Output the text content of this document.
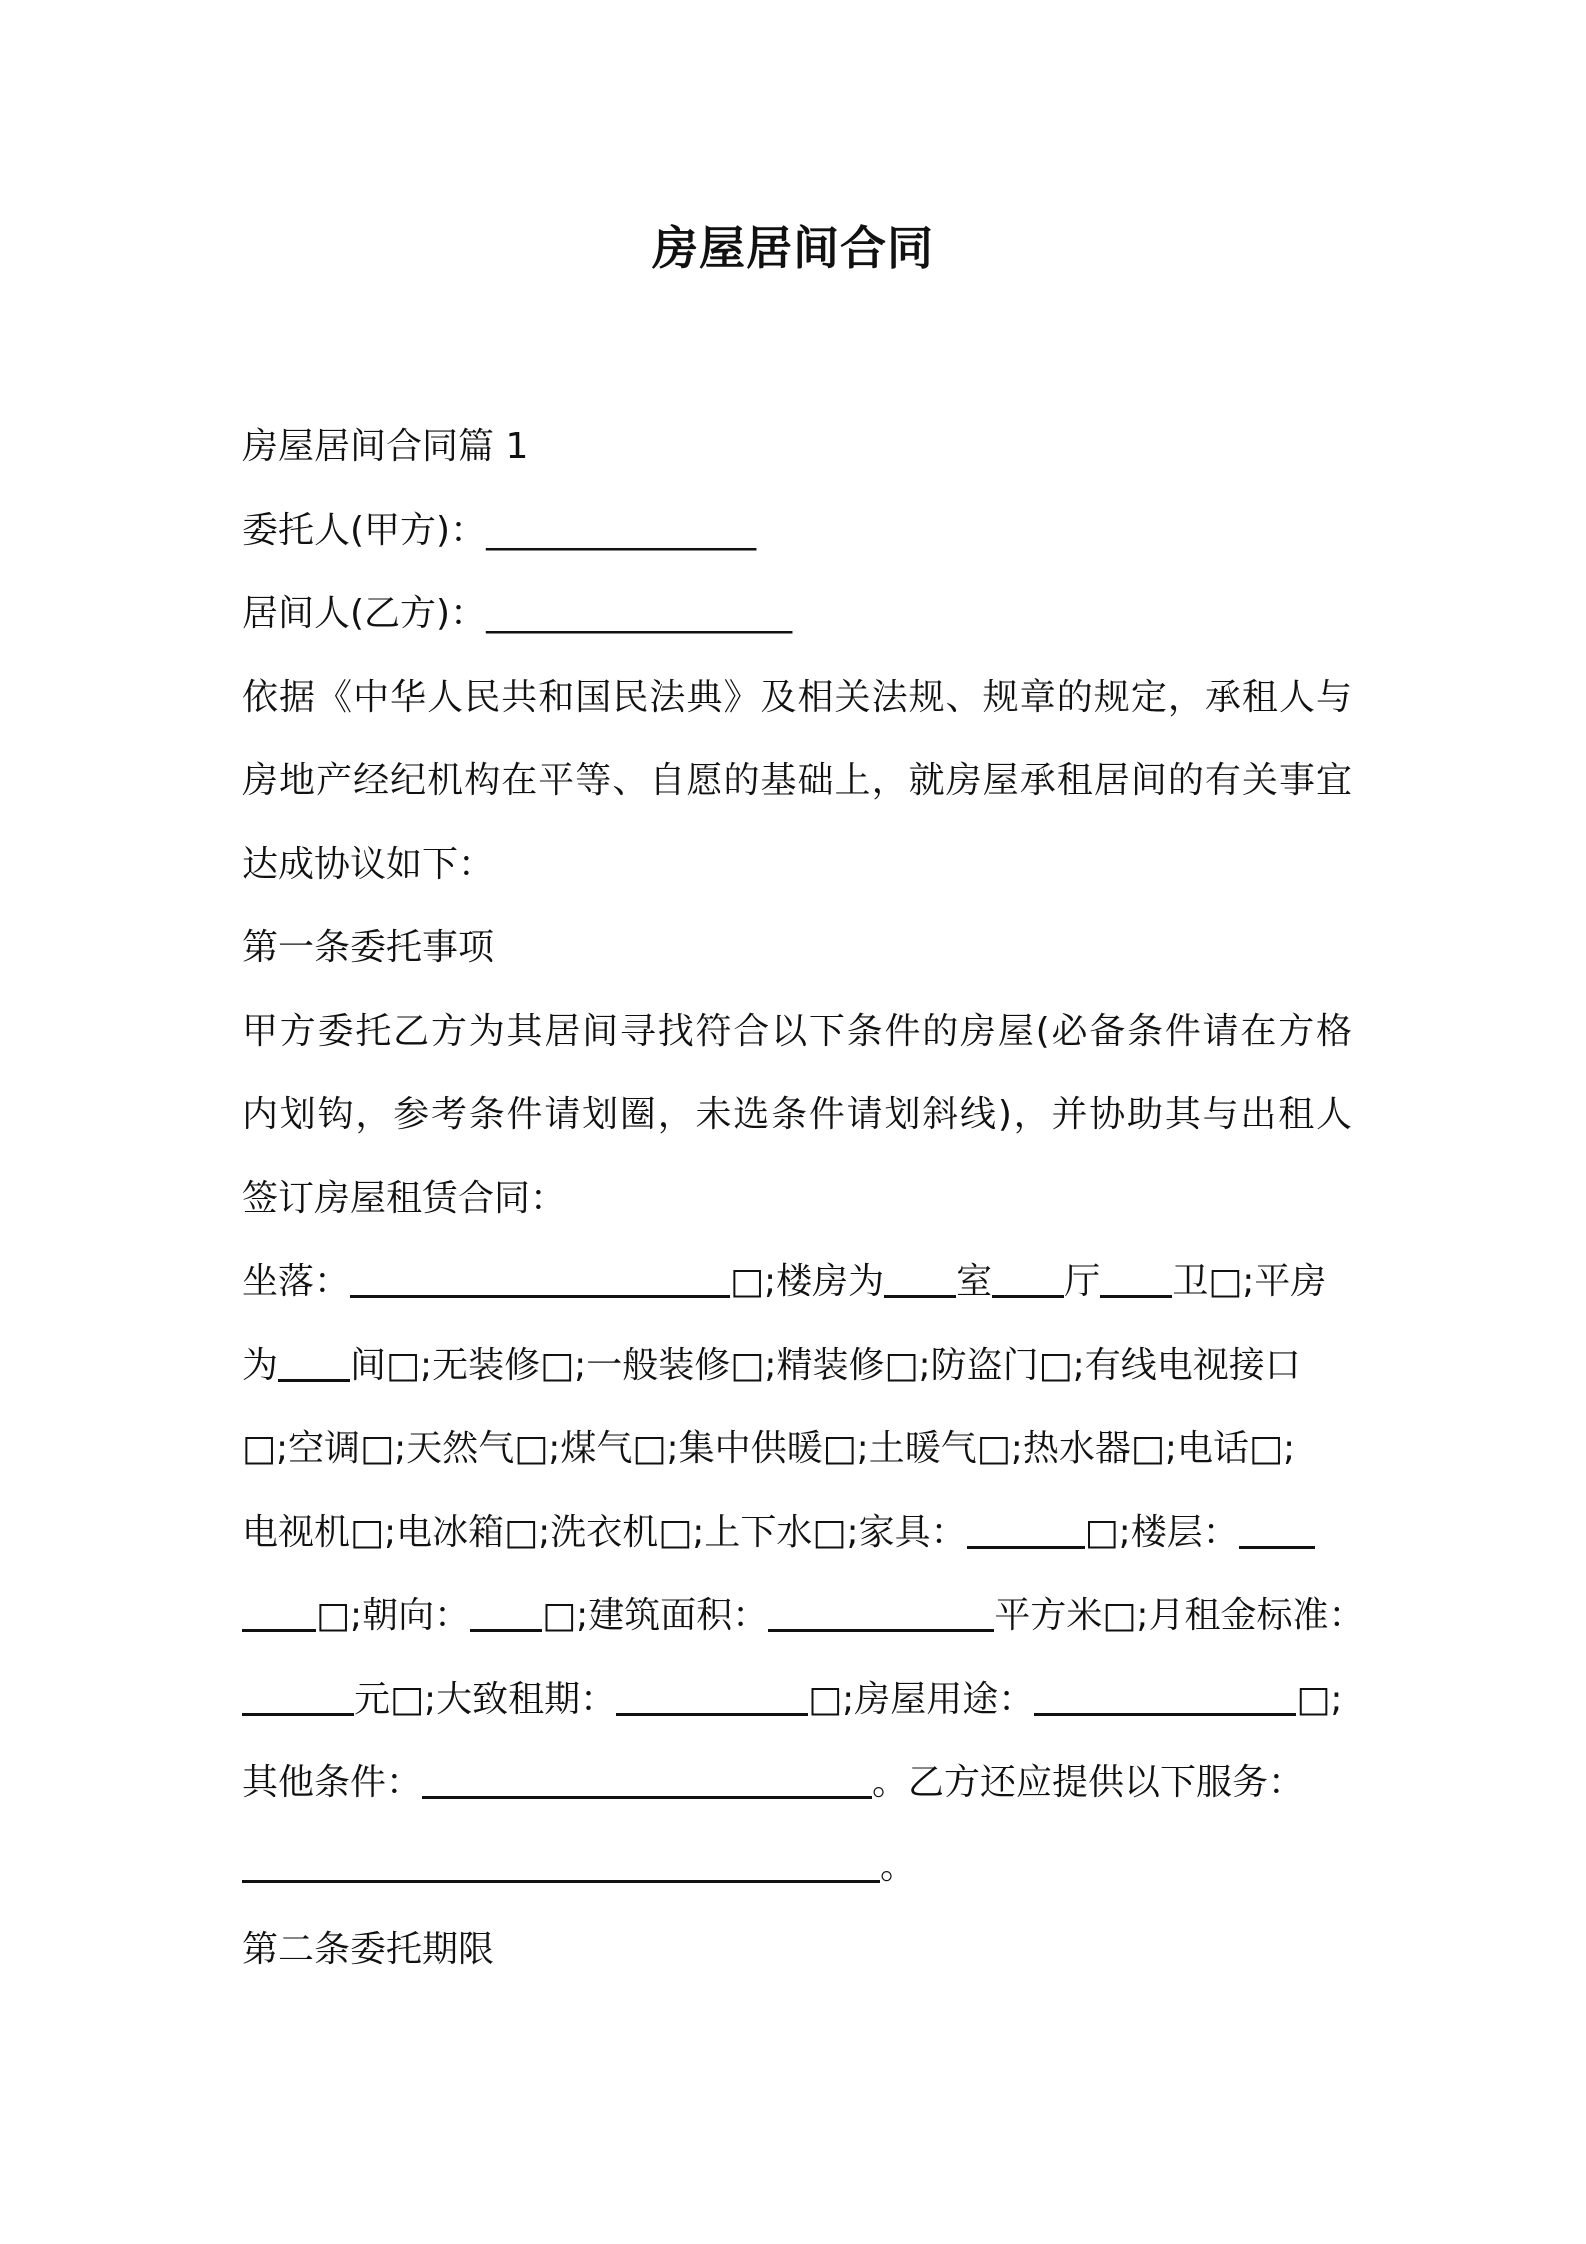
房屋居间合同
房屋居间合同篇 1
委托人(甲方)：_______________
居间人(乙方)：_________________
依据《中华人民共和国民法典》及相关法规、规章的规定，承租人与
房地产经纪机构在平等、自愿的基础上，就房屋承租居间的有关事宜
达成协议如下：
第一条委托事项
甲方委托乙方为其居间寻找符合以下条件的房屋(必备条件请在方格
内划钩，参考条件请划圈，未选条件请划斜线)，并协助其与出租人
签订房屋租赁合同：
坐落：	□;楼房为 室 厅 卫□;平房
为 间□;无装修□;一般装修□;精装修□;防盗门□;有线电视接口
□;空调□;天然气□;煤气□;集中供暖□;土暖气□;热水器□;电话□;
电视机□;电冰箱□;洗衣机□;上下水□;家具：	□;楼层：
□;朝向： □;建筑面积：	平方米□;月租金标准：
元□;大致租期：	□;房屋用途：	□;
其他条件：	。乙方还应提供以下服务：
。
第二条委托期限
